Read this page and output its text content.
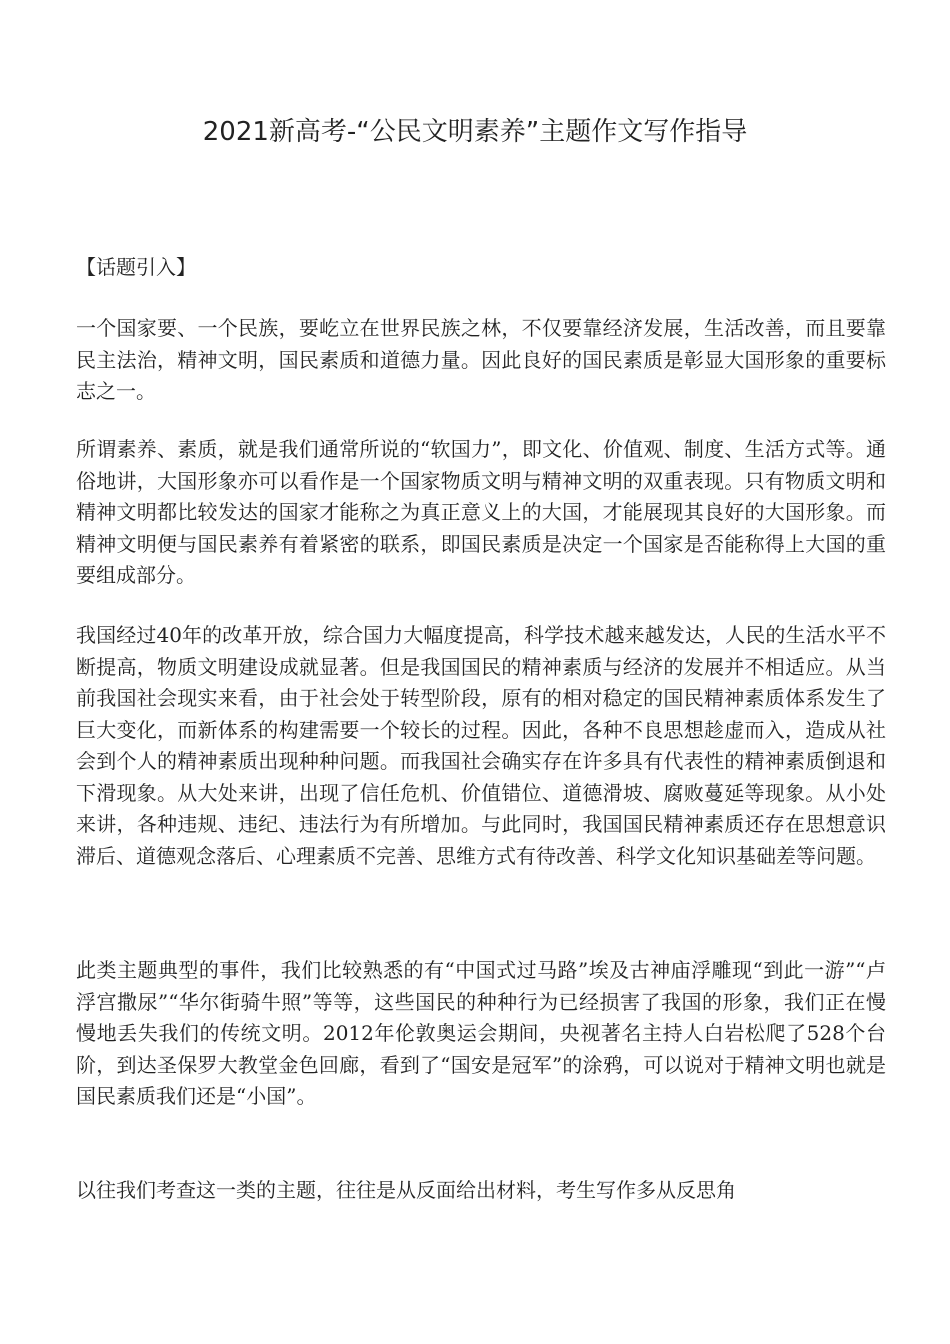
2021新高考-“公民文明素养”主题作文写作指导
【话题引入】

一个国家要、一个民族，要屹立在世界民族之林，不仅要靠经济发展，生活改善，而且要靠民主法治，精神文明，国民素质和道德力量。因此良好的国民素质是彰显大国形象的重要标志之一。

所谓素养、素质，就是我们通常所说的“软国力”，即文化、价值观、制度、生活方式等。通俗地讲，大国形象亦可以看作是一个国家物质文明与精神文明的双重表现。只有物质文明和精神文明都比较发达的国家才能称之为真正意义上的大国，才能展现其良好的大国形象。而精神文明便与国民素养有着紧密的联系，即国民素质是决定一个国家是否能称得上大国的重要组成部分。

我国经过40年的改革开放，综合国力大幅度提高，科学技术越来越发达，人民的生活水平不断提高，物质文明建设成就显著。但是我国国民的精神素质与经济的发展并不相适应。从当前我国社会现实来看，由于社会处于转型阶段，原有的相对稳定的国民精神素质体系发生了巨大变化，而新体系的构建需要一个较长的过程。因此，各种不良思想趁虚而入，造成从社会到个人的精神素质出现种种问题。而我国社会确实存在许多具有代表性的精神素质倒退和下滑现象。从大处来讲，出现了信任危机、价值错位、道德滑坡、腐败蔓延等现象。从小处来讲，各种违规、违纪、违法行为有所增加。与此同时，我国国民精神素质还存在思想意识滞后、道德观念落后、心理素质不完善、思维方式有待改善、科学文化知识基础差等问题。

此类主题典型的事件，我们比较熟悉的有“中国式过马路”埃及古神庙浮雕现“到此一游”“卢浮宫撒尿”“华尔街骑牛照”等等，这些国民的种种行为已经损害了我国的形象，我们正在慢慢地丢失我们的传统文明。2012年伦敦奥运会期间，央视著名主持人白岩松爬了528个台阶，到达圣保罗大教堂金色回廊，看到了“国安是冠军”的涂鸦，可以说对于精神文明也就是国民素质我们还是“小国”。

以往我们考查这一类的主题，往往是从反面给出材料，考生写作多从反思角
